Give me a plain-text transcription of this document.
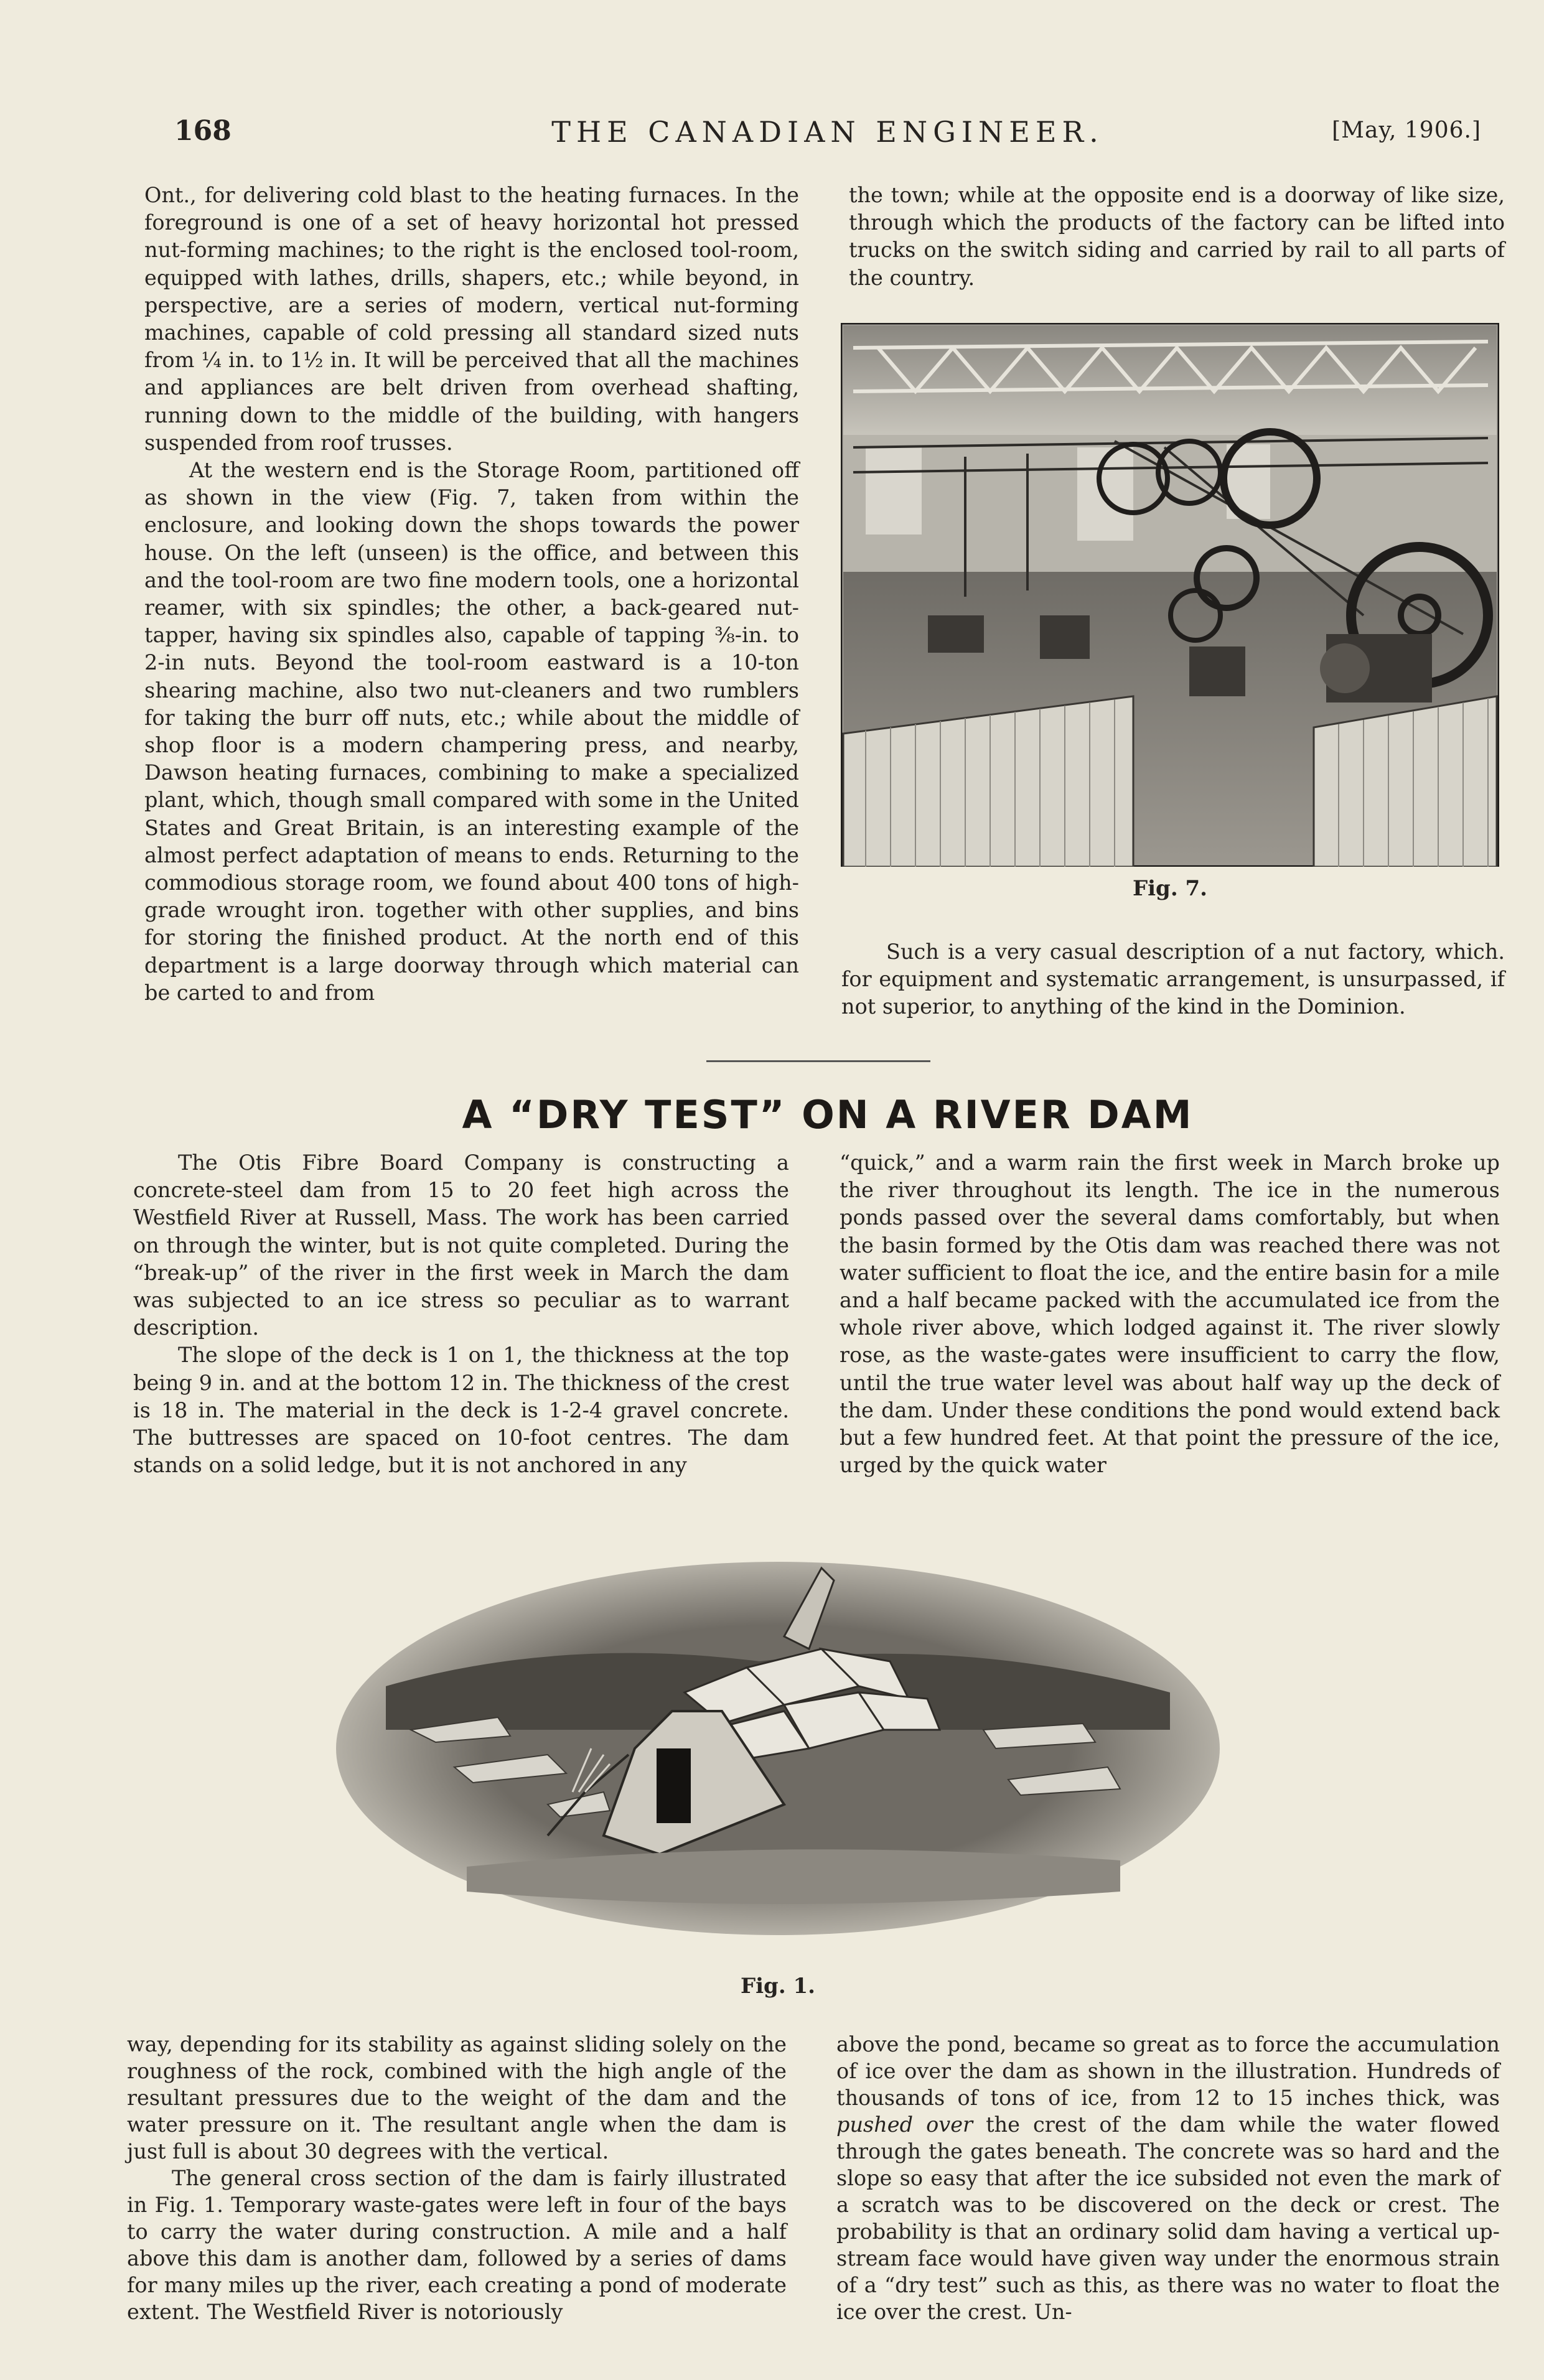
168	THE CANADIAN ENGINEER.	[May, 1906.]

Ont., for delivering cold blast to the heating furnaces. In the foreground is one of a set of heavy horizontal hot pressed nut-forming machines; to the right is the enclosed tool-room, equipped with lathes, drills, shapers, etc.; while beyond, in perspective, are a series of modern, vertical nut-forming machines, capable of cold pressing all standard sized nuts from ¼ in. to 1½ in. It will be perceived that all the machines and appliances are belt driven from overhead shafting, running down to the middle of the building, with hangers suspended from roof trusses.

At the western end is the Storage Room, partitioned off as shown in the view (Fig. 7, taken from within the enclosure, and looking down the shops towards the power house. On the left (unseen) is the office, and between this and the tool-room are two fine modern tools, one a horizontal reamer, with six spindles; the other, a back-geared nut-tapper, having six spindles also, capable of tapping ⅜-in. to 2-in nuts. Beyond the tool-room eastward is a 10-ton shearing machine, also two nut-cleaners and two rumblers for taking the burr off nuts, etc.; while about the middle of shop floor is a modern champering press, and nearby, Dawson heating furnaces, combining to make a specialized plant, which, though small compared with some in the United States and Great Britain, is an interesting example of the almost perfect adaptation of means to ends. Returning to the commodious storage room, we found about 400 tons of high-grade wrought iron. together with other supplies, and bins for storing the finished product. At the north end of this department is a large doorway through which material can be carted to and from

the town; while at the opposite end is a doorway of like size, through which the products of the factory can be lifted into trucks on the switch siding and carried by rail to all parts of the country.

Fig. 7.

Such is a very casual description of a nut factory, which. for equipment and systematic arrangement, is unsurpassed, if not superior, to anything of the kind in the Dominion.

A “DRY TEST” ON A RIVER DAM

The Otis Fibre Board Company is constructing a concrete-steel dam from 15 to 20 feet high across the Westfield River at Russell, Mass. The work has been carried on through the winter, but is not quite completed. During the “break-up” of the river in the first week in March the dam was subjected to an ice stress so peculiar as to warrant description.

The slope of the deck is 1 on 1, the thickness at the top being 9 in. and at the bottom 12 in. The thickness of the crest is 18 in. The material in the deck is 1-2-4 gravel concrete. The buttresses are spaced on 10-foot centres. The dam stands on a solid ledge, but it is not anchored in any

“quick,” and a warm rain the first week in March broke up the river throughout its length. The ice in the numerous ponds passed over the several dams comfortably, but when the basin formed by the Otis dam was reached there was not water sufficient to float the ice, and the entire basin for a mile and a half became packed with the accumulated ice from the whole river above, which lodged against it. The river slowly rose, as the waste-gates were insufficient to carry the flow, until the true water level was about half way up the deck of the dam. Under these conditions the pond would extend back but a few hundred feet. At that point the pressure of the ice, urged by the quick water

Fig. 1.

way, depending for its stability as against sliding solely on the roughness of the rock, combined with the high angle of the resultant pressures due to the weight of the dam and the water pressure on it. The resultant angle when the dam is just full is about 30 degrees with the vertical.

The general cross section of the dam is fairly illustrated in Fig. 1. Temporary waste-gates were left in four of the bays to carry the water during construction. A mile and a half above this dam is another dam, followed by a series of dams for many miles up the river, each creating a pond of moderate extent. The Westfield River is notoriously

above the pond, became so great as to force the accumulation of ice over the dam as shown in the illustration. Hundreds of thousands of tons of ice, from 12 to 15 inches thick, was pushed over the crest of the dam while the water flowed through the gates beneath. The concrete was so hard and the slope so easy that after the ice subsided not even the mark of a scratch was to be discovered on the deck or crest. The probability is that an ordinary solid dam having a vertical up-stream face would have given way under the enormous strain of a “dry test” such as this, as there was no water to float the ice over the crest. Un-
